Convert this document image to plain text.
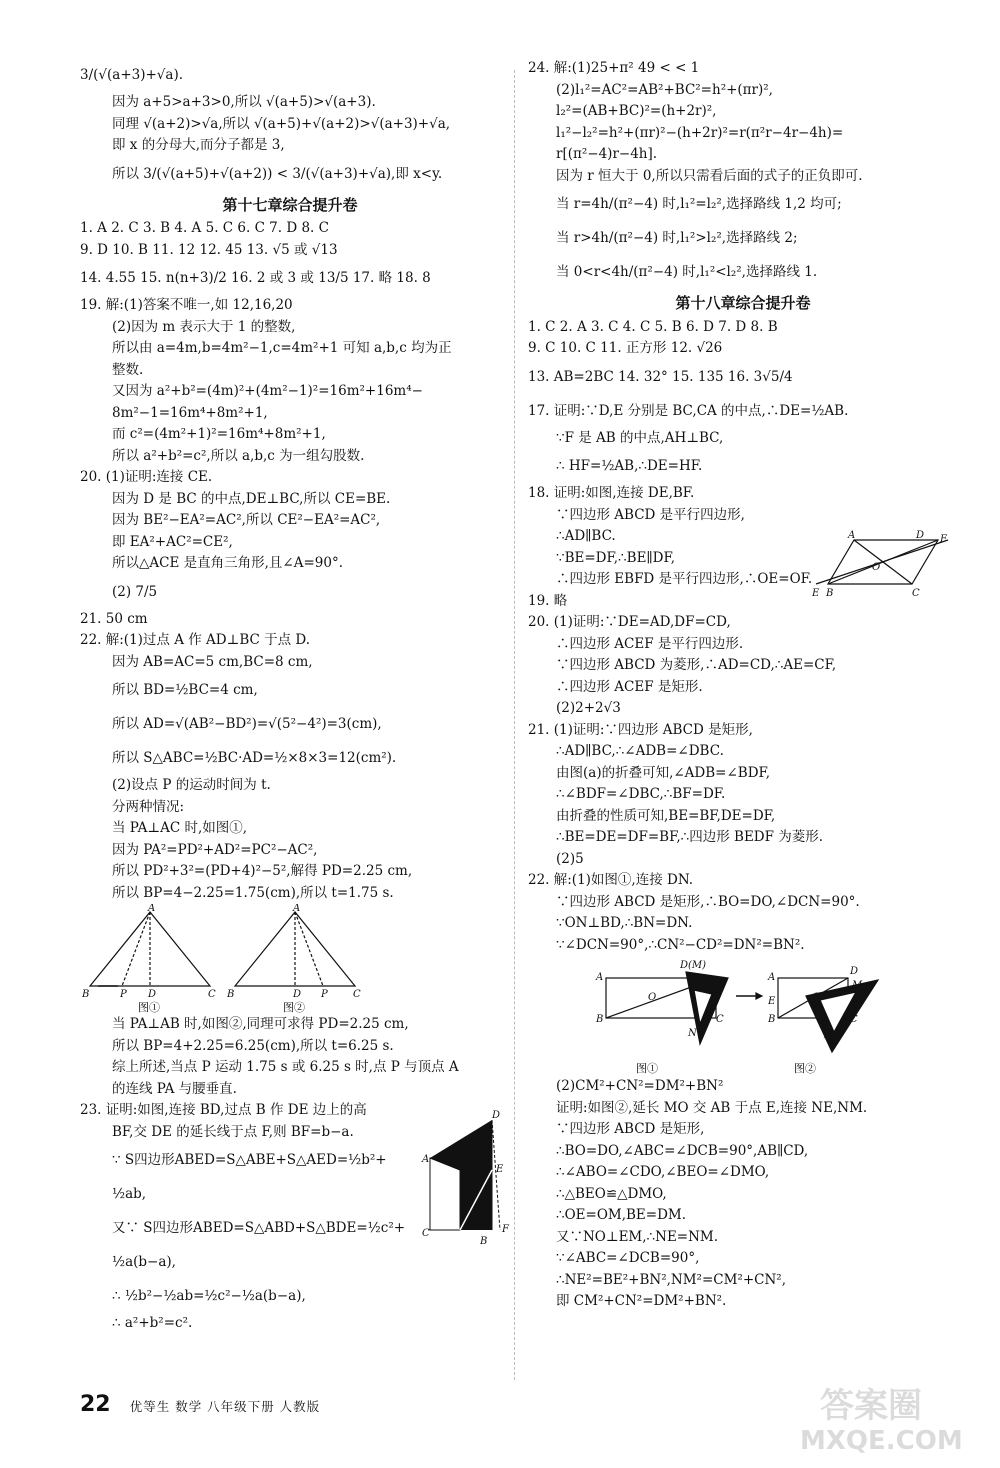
3/(√(a+3)+√a).
因为 a+5>a+3>0,所以 √(a+5)>√(a+3).
同理 √(a+2)>√a,所以 √(a+5)+√(a+2)>√(a+3)+√a,
即 x 的分母大,而分子都是 3,
所以 3/(√(a+5)+√(a+2)) < 3/(√(a+3)+√a),即 x<y.
第十七章综合提升卷
1. A 2. C 3. B 4. A 5. C 6. C 7. D 8. C
9. D 10. B 11. 12 12. 45 13. √5 或 √13
14. 4.55 15. n(n+3)/2 16. 2 或 3 或 13/5 17. 略 18. 8
19. 解:(1)答案不唯一,如 12,16,20
(2)因为 m 表示大于 1 的整数,
所以由 a=4m,b=4m²−1,c=4m²+1 可知 a,b,c 均为正
整数.
又因为 a²+b²=(4m)²+(4m²−1)²=16m²+16m⁴−
8m²−1=16m⁴+8m²+1,
而 c²=(4m²+1)²=16m⁴+8m²+1,
所以 a²+b²=c²,所以 a,b,c 为一组勾股数.
20. (1)证明:连接 CE.
因为 D 是 BC 的中点,DE⊥BC,所以 CE=BE.
因为 BE²−EA²=AC²,所以 CE²−EA²=AC²,
即 EA²+AC²=CE²,
所以△ACE 是直角三角形,且∠A=90°.
(2) 7/5
21. 50 cm
22. 解:(1)过点 A 作 AD⊥BC 于点 D.
因为 AB=AC=5 cm,BC=8 cm,
所以 BD=½BC=4 cm,
所以 AD=√(AB²−BD²)=√(5²−4²)=3(cm),
所以 S△ABC=½BC·AD=½×8×3=12(cm²).
(2)设点 P 的运动时间为 t.
分两种情况:
当 PA⊥AC 时,如图①,
因为 PA²=PD²+AD²=PC²−AC²,
所以 PD²+3²=(PD+4)²−5²,解得 PD=2.25 cm,
所以 BP=4−2.25=1.75(cm),所以 t=1.75 s.
A
B	P D	C
A
B	D P	C
图①	图②
当 PA⊥AB 时,如图②,同理可求得 PD=2.25 cm,
所以 BP=4+2.25=6.25(cm),所以 t=6.25 s.
综上所述,当点 P 运动 1.75 s 或 6.25 s 时,点 P 与顶点 A
的连线 PA 与腰垂直.
23. 证明:如图,连接 BD,过点 B 作 DE 边上的高
BF,交 DE 的延长线于点 F,则 BF=b−a.
∵ S四边形ABED=S△ABE+S△AED=½b²+
½ab,
又∵ S四边形ABED=S△ABD+S△BDE=½c²+
½a(b−a),
∴ ½b²−½ab=½c²−½a(b−a),
∴ a²+b²=c².
D
A
E
C
B
F
24. 解:(1)25+π² 49 < < 1
(2)l₁²=AC²=AB²+BC²=h²+(πr)²,
l₂²=(AB+BC)²=(h+2r)²,
l₁²−l₂²=h²+(πr)²−(h+2r)²=r(π²r−4r−4h)=
r[(π²−4)r−4h].
因为 r 恒大于 0,所以只需看后面的式子的正负即可.
当 r=4h/(π²−4) 时,l₁²=l₂²,选择路线 1,2 均可;
当 r>4h/(π²−4) 时,l₁²>l₂²,选择路线 2;
当 0<r<4h/(π²−4) 时,l₁²<l₂²,选择路线 1.
第十八章综合提升卷
1. C 2. A 3. C 4. C 5. B 6. D 7. D 8. B
9. C 10. C 11. 正方形 12. √26
13. AB=2BC 14. 32° 15. 135 16. 3√5/4
17. 证明:∵D,E 分别是 BC,CA 的中点,∴DE=½AB.
∵F 是 AB 的中点,AH⊥BC,
∴ HF=½AB,∴DE=HF.
18. 证明:如图,连接 DE,BF.
∵四边形 ABCD 是平行四边形,
∴AD∥BC.
∵BE=DF,∴BE∥DF,
∴四边形 EBFD 是平行四边形,∴OE=OF.
19. 略
20. (1)证明:∵DE=AD,DF=CD,
∴四边形 ACEF 是平行四边形.
∵四边形 ABCD 为菱形,∴AD=CD,∴AE=CF,
∴四边形 ACEF 是矩形.
(2)2+2√3
21. (1)证明:∵四边形 ABCD 是矩形,
∴AD∥BC,∴∠ADB=∠DBC.
由图(a)的折叠可知,∠ADB=∠BDF,
∴∠BDF=∠DBC,∴BF=DF.
由折叠的性质可知,BE=BF,DE=DF,
∴BE=DE=DF=BF,∴四边形 BEDF 为菱形.
(2)5
22. 解:(1)如图①,连接 DN.
∵四边形 ABCD 是矩形,∴BO=DO,∠DCN=90°.
∵ON⊥BD,∴BN=DN.
∵∠DCN=90°,∴CN²−CD²=DN²=BN².
A
B	C
D(M)
O
N
A
B
D
E	O
M
N
C
图①	图②
(2)CM²+CN²=DM²+BN²
证明:如图②,延长 MO 交 AB 于点 E,连接 NE,NM.
∵四边形 ABCD 是矩形,
∴BO=DO,∠ABC=∠DCB=90°,AB∥CD,
∴∠ABO=∠CDO,∠BEO=∠DMO,
∴△BEO≌△DMO,
∴OE=OM,BE=DM.
又∵NO⊥EM,∴NE=NM.
∵∠ABC=∠DCB=90°,
∴NE²=BE²+BN²,NM²=CM²+CN²,
即 CM²+CN²=DM²+BN².
A	D F
O
E B	C
22 优等生 数学 八年级下册 人教版	答案圈
MXQE.COM
